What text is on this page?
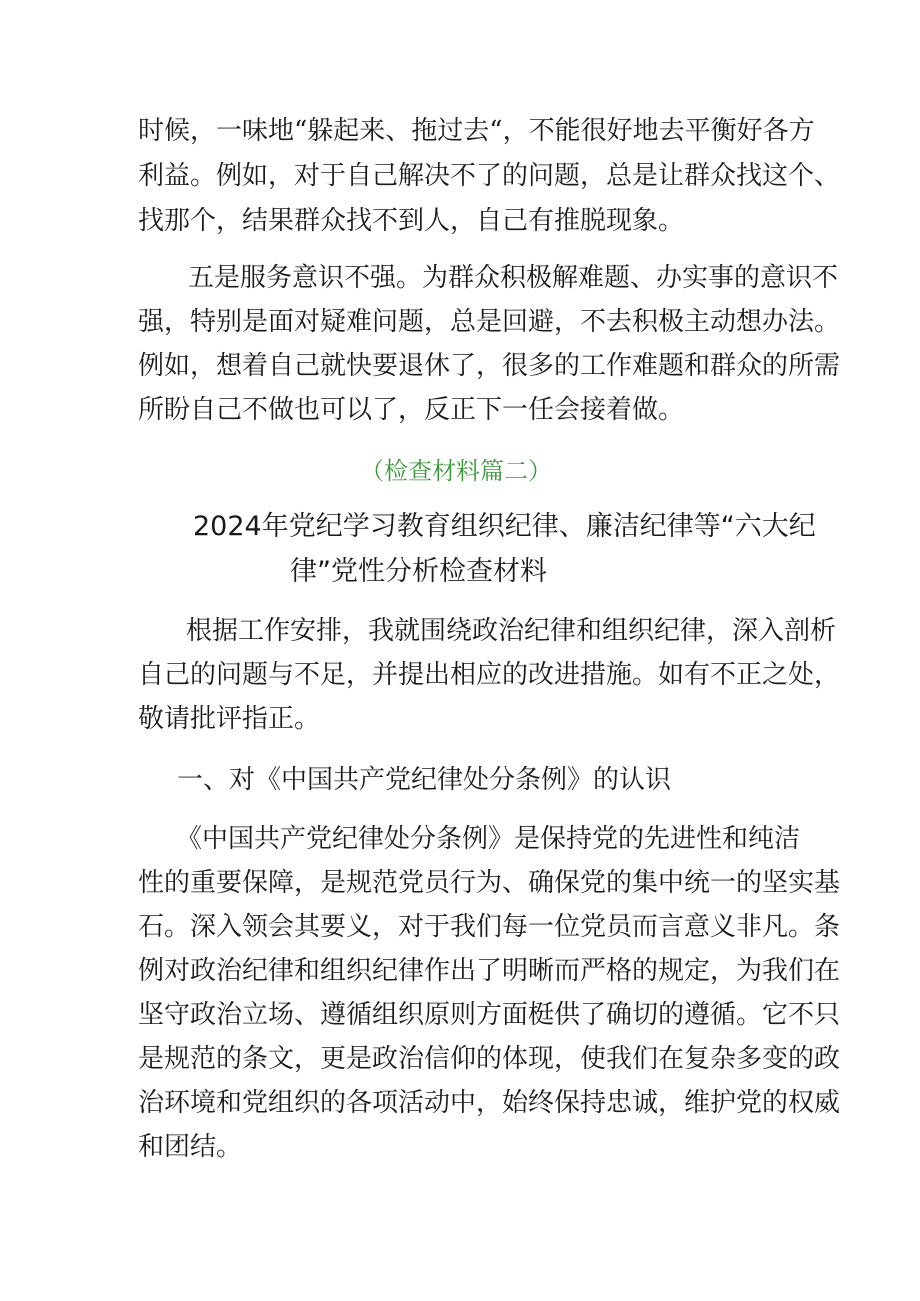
时候，一味地“躲起来、拖过去“，不能很好地去平衡好各方
利益。例如，对于自己解决不了的问题，总是让群众找这个、
找那个，结果群众找不到人，自己有推脱现象。
五是服务意识不强。为群众积极解难题、办实事的意识不
强，特别是面对疑难问题，总是回避，不去积极主动想办法。
例如，想着自己就快要退休了，很多的工作难题和群众的所需
所盼自己不做也可以了，反正下一任会接着做。
（检查材料篇二）
2024年党纪学习教育组织纪律、廉洁纪律等“六大纪
律”党性分析检查材料
根据工作安排，我就围绕政治纪律和组织纪律，深入剖析
自己的问题与不足，并提出相应的改进措施。如有不正之处，
敬请批评指正。
一、对《中国共产党纪律处分条例》的认识
《中国共产党纪律处分条例》是保持党的先进性和纯洁
性的重要保障，是规范党员行为、确保党的集中统一的坚实基
石。深入领会其要义，对于我们每一位党员而言意义非凡。条
例对政治纪律和组织纪律作出了明晰而严格的规定，为我们在
坚守政治立场、遵循组织原则方面梃供了确切的遵循。它不只
是规范的条文，更是政治信仰的体现，使我们在复杂多变的政
治环境和党组织的各项活动中，始终保持忠诚，维护党的权威
和团结。
